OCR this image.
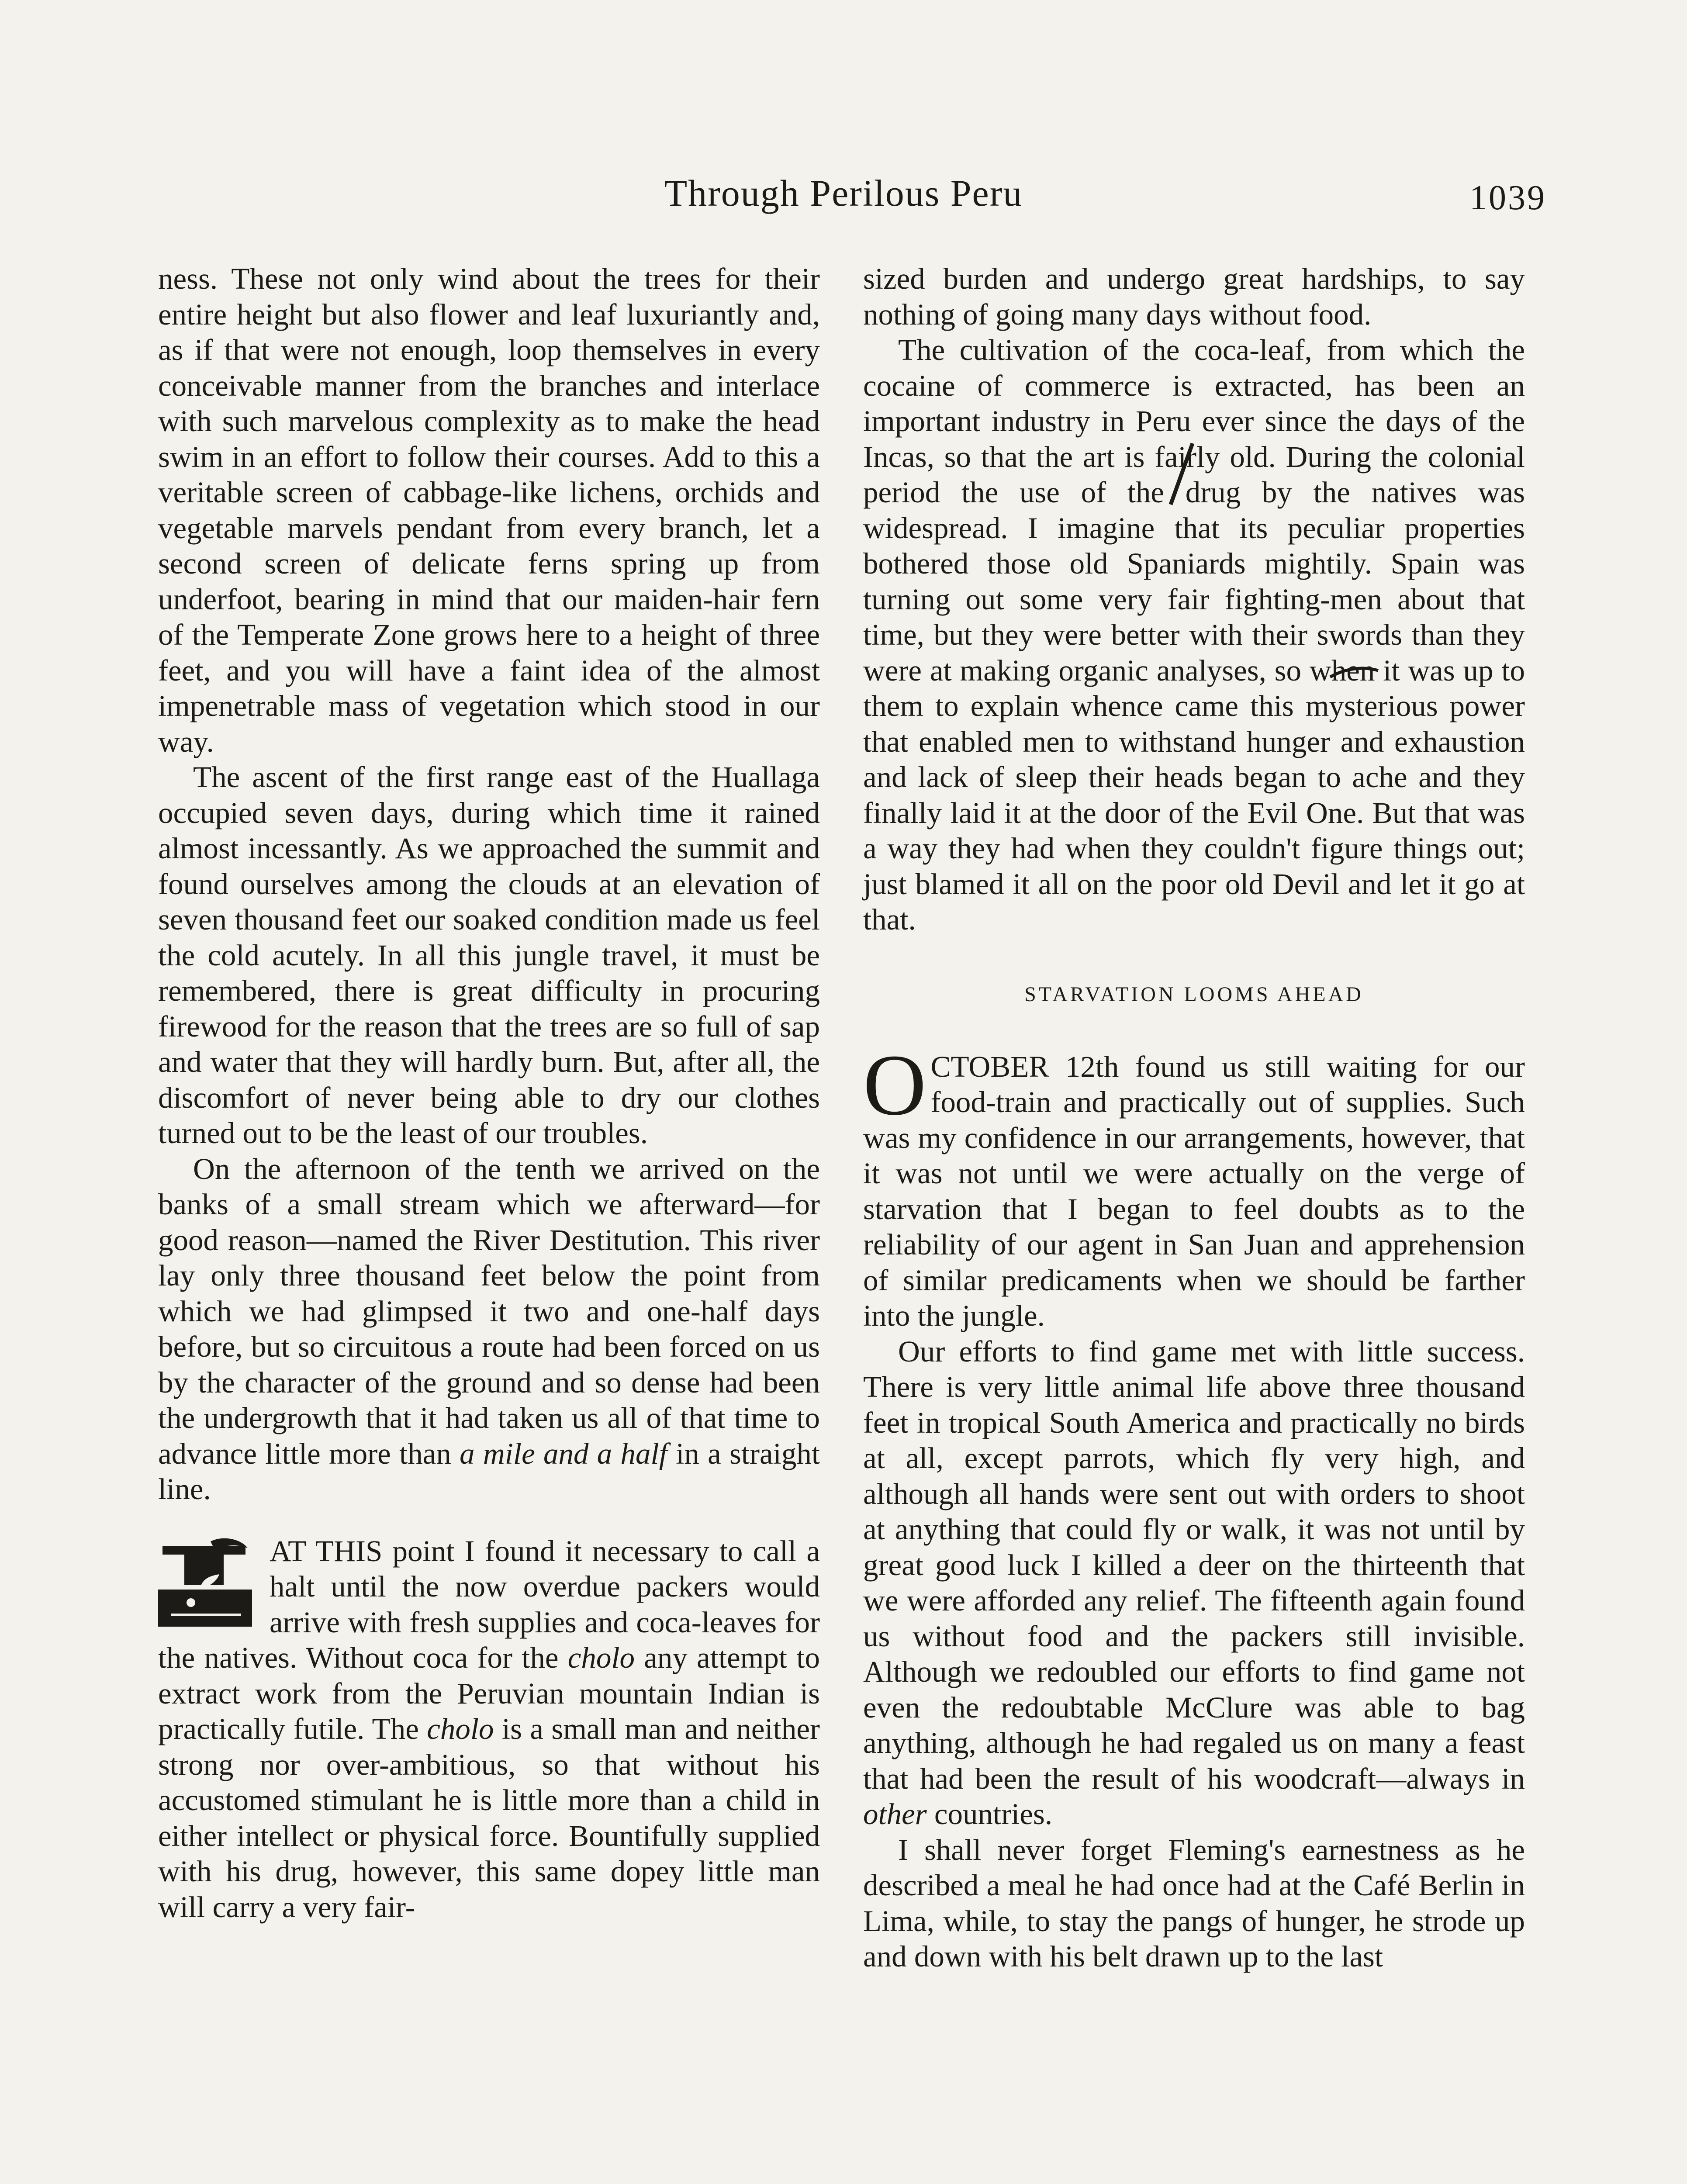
Through Perilous Peru	1039

ness. These not only wind about the trees for their entire height but also flower and leaf luxuriantly and, as if that were not enough, loop themselves in every conceivable manner from the branches and interlace with such marvelous complexity as to make the head swim in an effort to follow their courses. Add to this a veritable screen of cabbage-like lichens, orchids and vegetable marvels pendant from every branch, let a second screen of delicate ferns spring up from underfoot, bearing in mind that our maiden-hair fern of the Temperate Zone grows here to a height of three feet, and you will have a faint idea of the almost impenetrable mass of vegetation which stood in our way.

The ascent of the first range east of the Huallaga occupied seven days, during which time it rained almost incessantly. As we approached the summit and found ourselves among the clouds at an elevation of seven thousand feet our soaked condition made us feel the cold acutely. In all this jungle travel, it must be remembered, there is great difficulty in procuring firewood for the reason that the trees are so full of sap and water that they will hardly burn. But, after all, the discomfort of never being able to dry our clothes turned out to be the least of our troubles.

On the afternoon of the tenth we arrived on the banks of a small stream which we afterward—for good reason—named the River Destitution. This river lay only three thousand feet below the point from which we had glimpsed it two and one-half days before, but so circuitous a route had been forced on us by the character of the ground and so dense had been the undergrowth that it had taken us all of that time to advance little more than a mile and a half in a straight line.

AT THIS point I found it necessary to call a halt until the now overdue packers would arrive with fresh supplies and coca-leaves for the natives. Without coca for the cholo any attempt to extract work from the Peruvian mountain Indian is practically futile. The cholo is a small man and neither strong nor over-ambitious, so that without his accustomed stimulant he is little more than a child in either intellect or physical force. Bountifully supplied with his drug, however, this same dopey little man will carry a very fair-

sized burden and undergo great hardships, to say nothing of going many days without food.

The cultivation of the coca-leaf, from which the cocaine of commerce is extracted, has been an important industry in Peru ever since the days of the Incas, so that the art is fairly old. During the colonial period the use of the drug by the natives was widespread. I imagine that its peculiar properties bothered those old Spaniards mightily. Spain was turning out some very fair fighting-men about that time, but they were better with their swords than they were at making organic analyses, so when it was up to them to explain whence came this mysterious power that enabled men to withstand hunger and exhaustion and lack of sleep their heads began to ache and they finally laid it at the door of the Evil One. But that was a way they had when they couldn't figure things out; just blamed it all on the poor old Devil and let it go at that.

STARVATION LOOMS AHEAD

OCTOBER 12th found us still waiting for our food-train and practically out of supplies. Such was my confidence in our arrangements, however, that it was not until we were actually on the verge of starvation that I began to feel doubts as to the reliability of our agent in San Juan and apprehension of similar predicaments when we should be farther into the jungle.

Our efforts to find game met with little success. There is very little animal life above three thousand feet in tropical South America and practically no birds at all, except parrots, which fly very high, and although all hands were sent out with orders to shoot at anything that could fly or walk, it was not until by great good luck I killed a deer on the thirteenth that we were afforded any relief. The fifteenth again found us without food and the packers still invisible. Although we redoubled our efforts to find game not even the redoubtable McClure was able to bag anything, although he had regaled us on many a feast that had been the result of his woodcraft—always in other countries.

I shall never forget Fleming's earnestness as he described a meal he had once had at the Café Berlin in Lima, while, to stay the pangs of hunger, he strode up and down with his belt drawn up to the last
